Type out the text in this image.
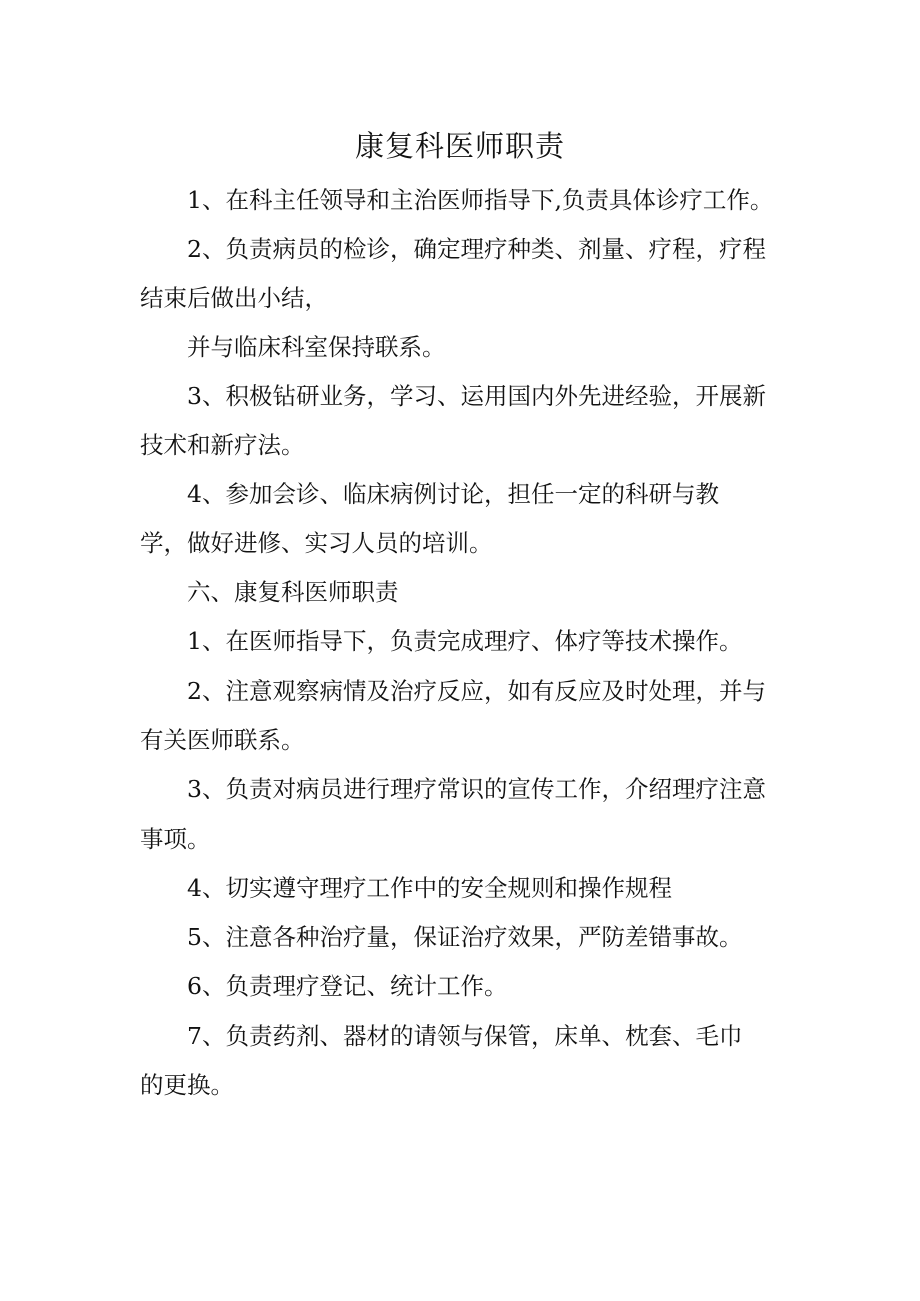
康复科医师职责
1、在科主任领导和主治医师指导下,负责具体诊疗工作。
2、负责病员的检诊，确定理疗种类、剂量、疗程，疗程
结束后做出小结，
并与临床科室保持联系。
3、积极钻研业务，学习、运用国内外先进经验，开展新
技术和新疗法。
4、参加会诊、临床病例讨论，担任一定的科研与教
学，做好进修、实习人员的培训。
六、康复科医师职责
1、在医师指导下，负责完成理疗、体疗等技术操作。
2、注意观察病情及治疗反应，如有反应及时处理，并与
有关医师联系。
3、负责对病员进行理疗常识的宣传工作，介绍理疗注意
事项。
4、切实遵守理疗工作中的安全规则和操作规程
5、注意各种治疗量，保证治疗效果，严防差错事故。
6、负责理疗登记、统计工作。
7、负责药剂、器材的请领与保管，床单、枕套、毛巾
的更换。
